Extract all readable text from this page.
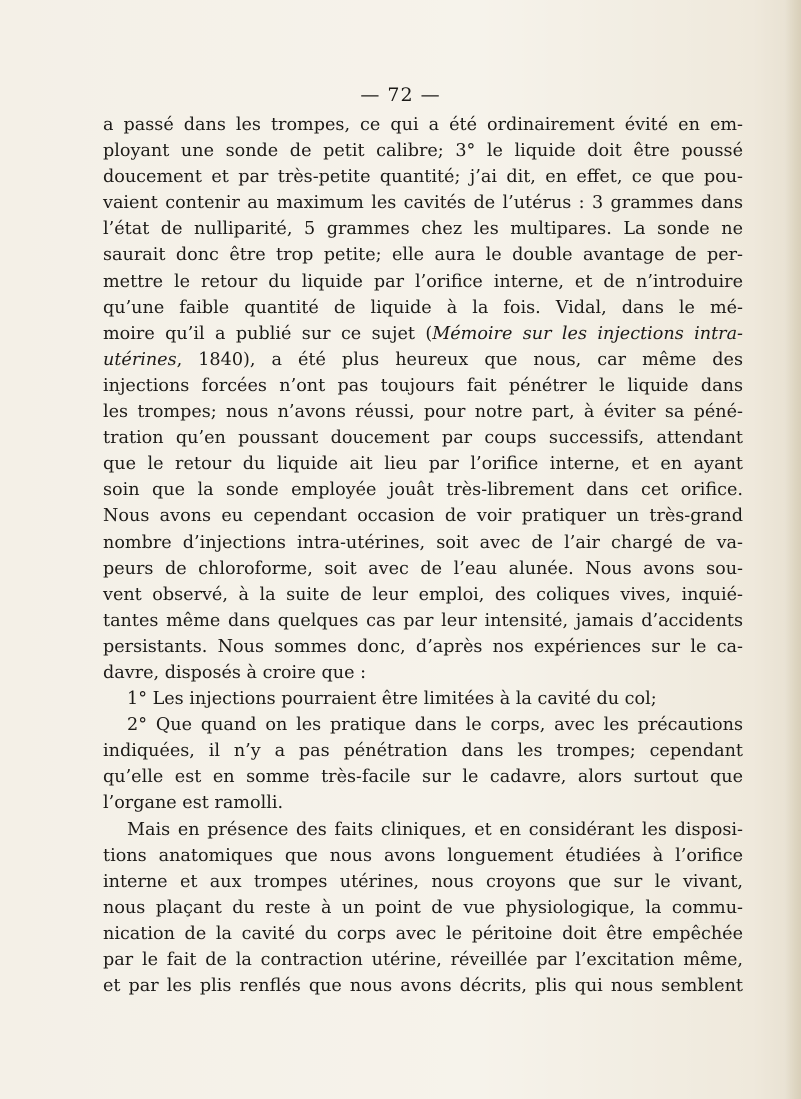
— 72 —
a passé dans les trompes, ce qui a été ordinairement évité en em-
ployant une sonde de petit calibre; 3° le liquide doit être poussé
doucement et par très-petite quantité; j’ai dit, en effet, ce que pou-
vaient contenir au maximum les cavités de l’utérus : 3 grammes dans
l’état de nulliparité, 5 grammes chez les multipares. La sonde ne
saurait donc être trop petite; elle aura le double avantage de per-
mettre le retour du liquide par l’orifice interne, et de n’introduire
qu’une faible quantité de liquide à la fois. Vidal, dans le mé-
moire qu’il a publié sur ce sujet (Mémoire sur les injections intra-
utérines, 1840), a été plus heureux que nous, car même des
injections forcées n’ont pas toujours fait pénétrer le liquide dans
les trompes; nous n’avons réussi, pour notre part, à éviter sa péné-
tration qu’en poussant doucement par coups successifs, attendant
que le retour du liquide ait lieu par l’orifice interne, et en ayant
soin que la sonde employée jouât très-librement dans cet orifice.
Nous avons eu cependant occasion de voir pratiquer un très-grand
nombre d’injections intra-utérines, soit avec de l’air chargé de va-
peurs de chloroforme, soit avec de l’eau alunée. Nous avons sou-
vent observé, à la suite de leur emploi, des coliques vives, inquié-
tantes même dans quelques cas par leur intensité, jamais d’accidents
persistants. Nous sommes donc, d’après nos expériences sur le ca-
davre, disposés à croire que :
1° Les injections pourraient être limitées à la cavité du col;
2° Que quand on les pratique dans le corps, avec les précautions
indiquées, il n’y a pas pénétration dans les trompes; cependant
qu’elle est en somme très-facile sur le cadavre, alors surtout que
l’organe est ramolli.
Mais en présence des faits cliniques, et en considérant les disposi-
tions anatomiques que nous avons longuement étudiées à l’orifice
interne et aux trompes utérines, nous croyons que sur le vivant,
nous plaçant du reste à un point de vue physiologique, la commu-
nication de la cavité du corps avec le péritoine doit être empêchée
par le fait de la contraction utérine, réveillée par l’excitation même,
et par les plis renflés que nous avons décrits, plis qui nous semblent
